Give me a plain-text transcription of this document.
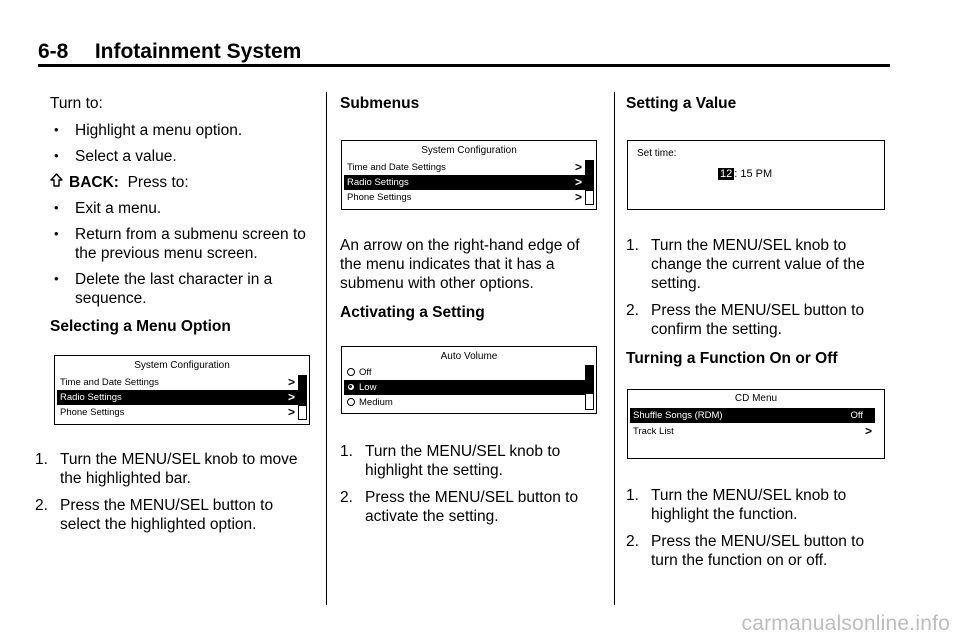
6-8 Infotainment System

Turn to:

• Highlight a menu option.

• Select a value.

BACK:
Press to:

• Exit a menu.

• Return from a submenu screen to the previous menu screen.

• Delete the last character in a sequence.

Selecting a Menu Option

1. Turn the MENU/SEL knob to move the highlighted bar.

2. Press the MENU/SEL button to select the highlighted option.

System Configuration
Time and Date Settings	>
Radio Settings	>
Phone Settings	>

Submenus

System Configuration
Time and Date Settings	>
Radio Settings	>
Phone Settings	>

An arrow on the right-hand edge of the menu indicates that it has a submenu with other options.

Activating a Setting

Auto Volume
Off
Low
Medium

1. Turn the MENU/SEL knob to highlight the setting.

2. Press the MENU/SEL button to activate the setting.

Setting a Value

Set time:
12 : 15 PM

1. Turn the MENU/SEL knob to change the current value of the setting.

2. Press the MENU/SEL button to confirm the setting.

Turning a Function On or Off

CD Menu
Shuffle Songs (RDM)	Off
Track List	>

1. Turn the MENU/SEL knob to highlight the function.

2. Press the MENU/SEL button to turn the function on or off.

carmanualsonline.info
